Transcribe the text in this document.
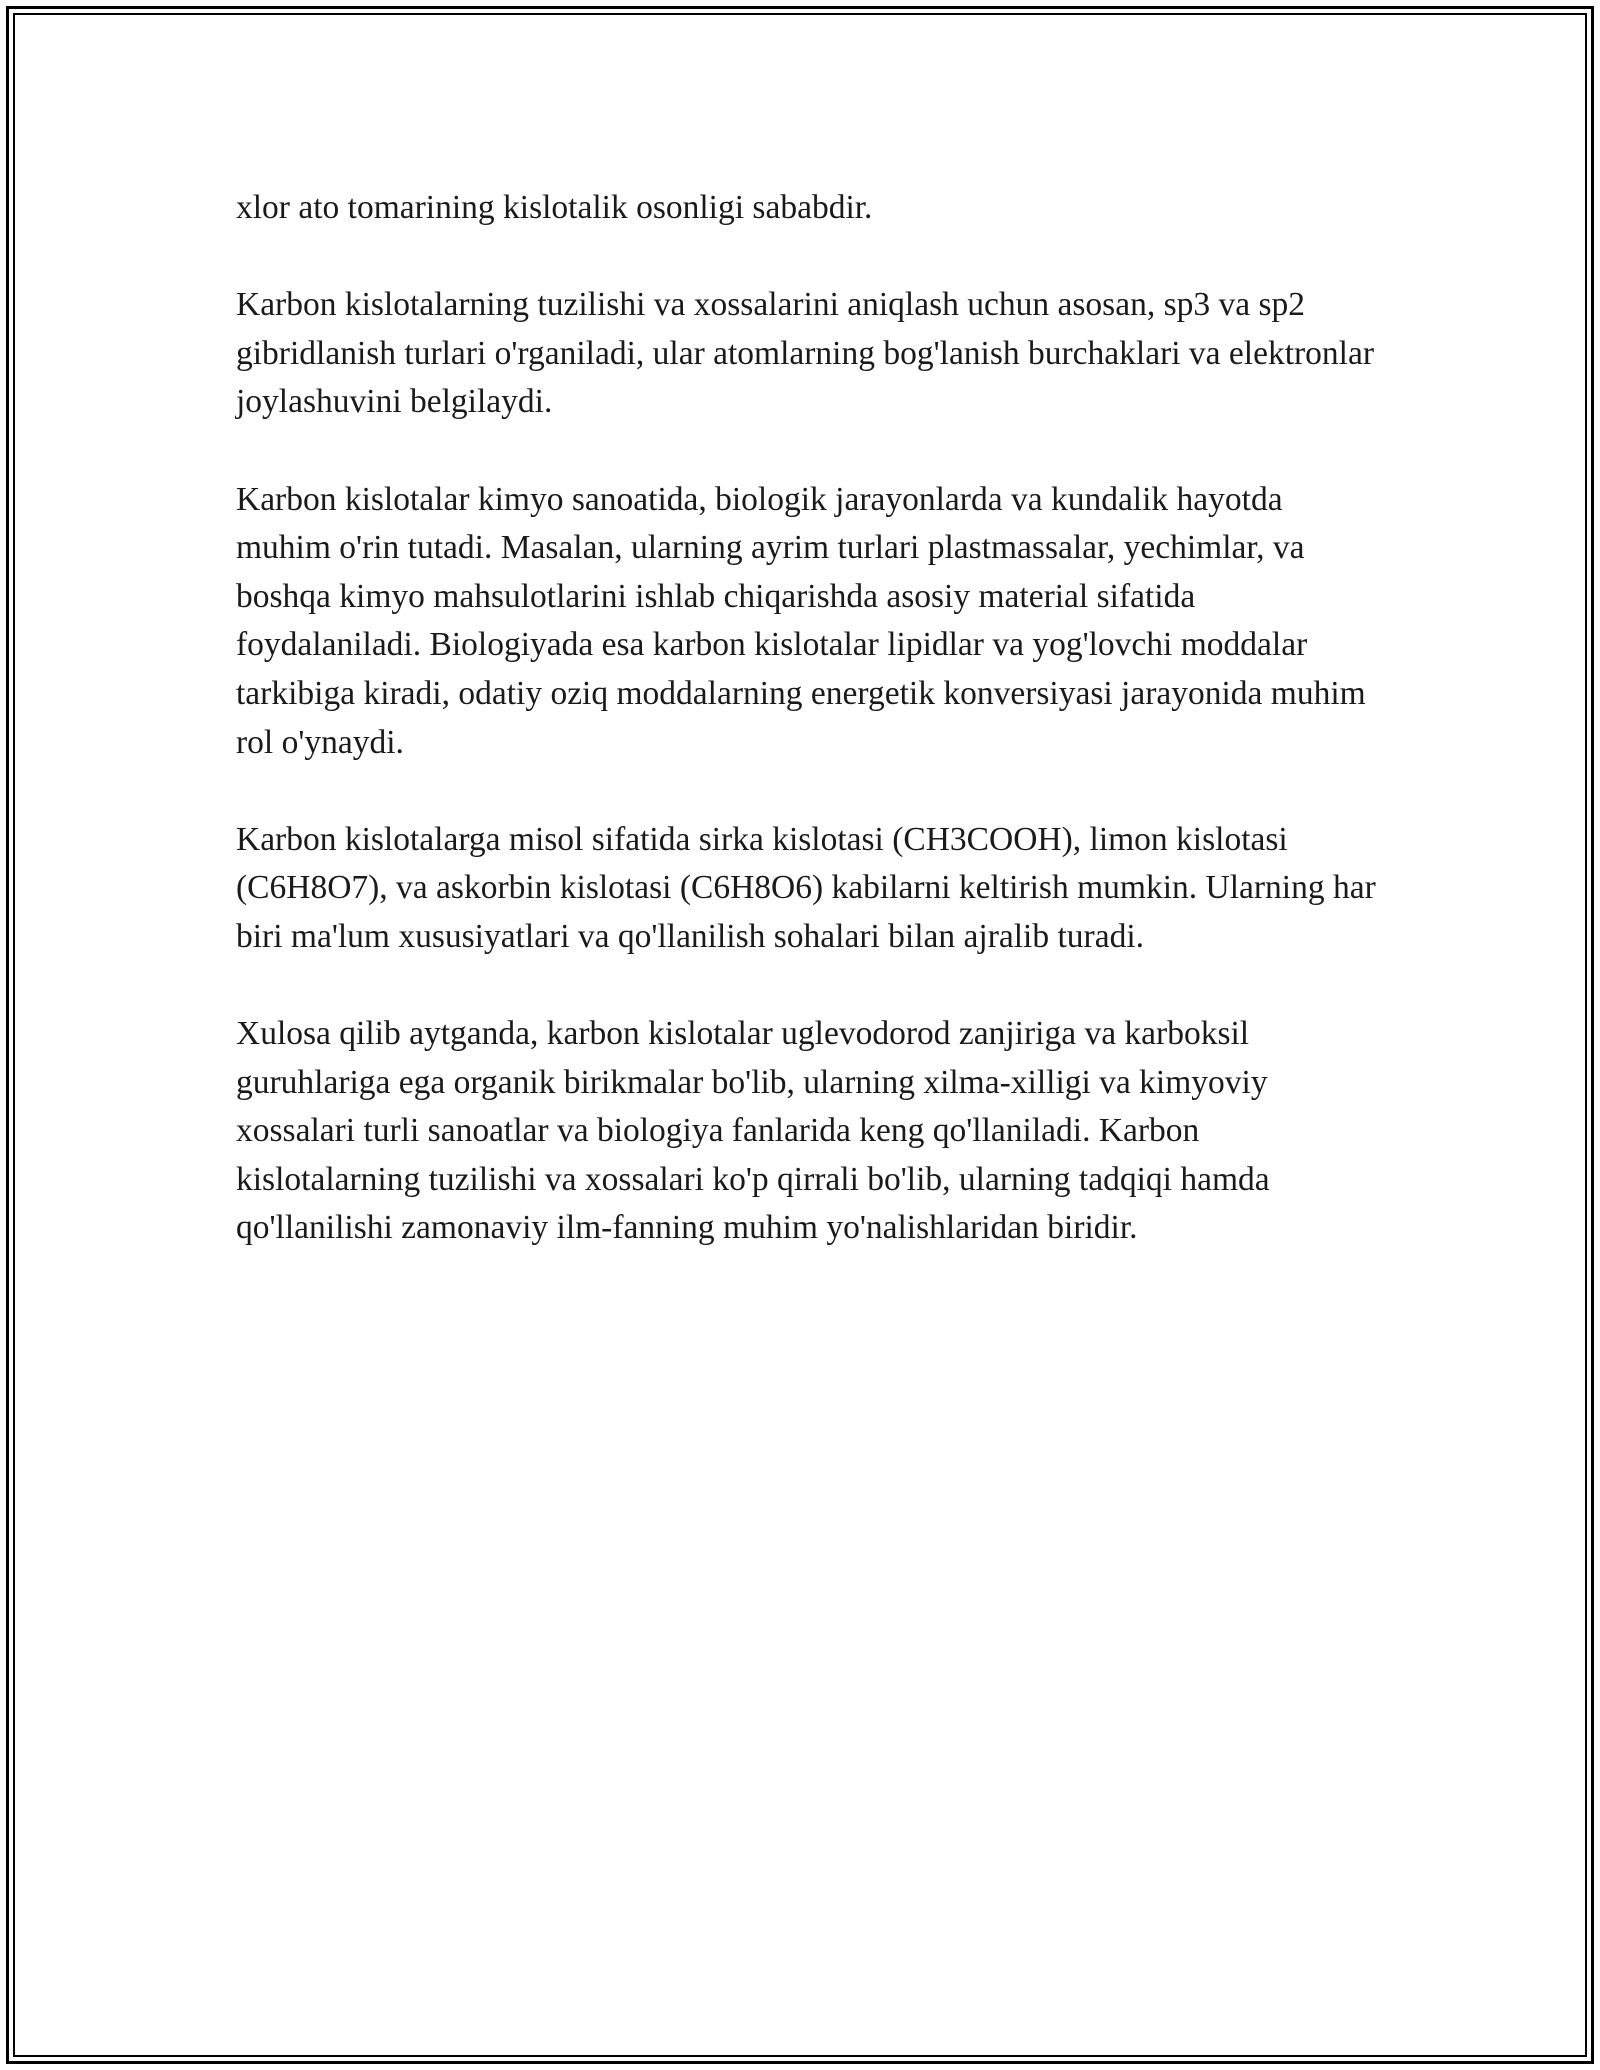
xlor ato tomarining kislotalik osonligi sababdir.

Karbon kislotalarning tuzilishi va xossalarini aniqlash uchun asosan, sp3 va sp2 gibridlanish turlari o'rganiladi, ular atomlarning bog'lanish burchaklari va elektronlar joylashuvini belgilaydi.

Karbon kislotalar kimyo sanoatida, biologik jarayonlarda va kundalik hayotda muhim o'rin tutadi. Masalan, ularning ayrim turlari plastmassalar, yechimlar, va boshqa kimyo mahsulotlarini ishlab chiqarishda asosiy material sifatida foydalaniladi. Biologiyada esa karbon kislotalar lipidlar va yog'lovchi moddalar tarkibiga kiradi, odatiy oziq moddalarning energetik konversiyasi jarayonida muhim rol o'ynaydi.

Karbon kislotalarga misol sifatida sirka kislotasi (CH3COOH), limon kislotasi (C6H8O7), va askorbin kislotasi (C6H8O6) kabilarni keltirish mumkin. Ularning har biri ma'lum xususiyatlari va qo'llanilish sohalari bilan ajralib turadi.

Xulosa qilib aytganda, karbon kislotalar uglevodorod zanjiriga va karboksil guruhlariga ega organik birikmalar bo'lib, ularning xilma-xilligi va kimyoviy xossalari turli sanoatlar va biologiya fanlarida keng qo'llaniladi. Karbon kislotalarning tuzilishi va xossalari ko'p qirrali bo'lib, ularning tadqiqi hamda qo'llanilishi zamonaviy ilm-fanning muhim yo'nalishlaridan biridir.
